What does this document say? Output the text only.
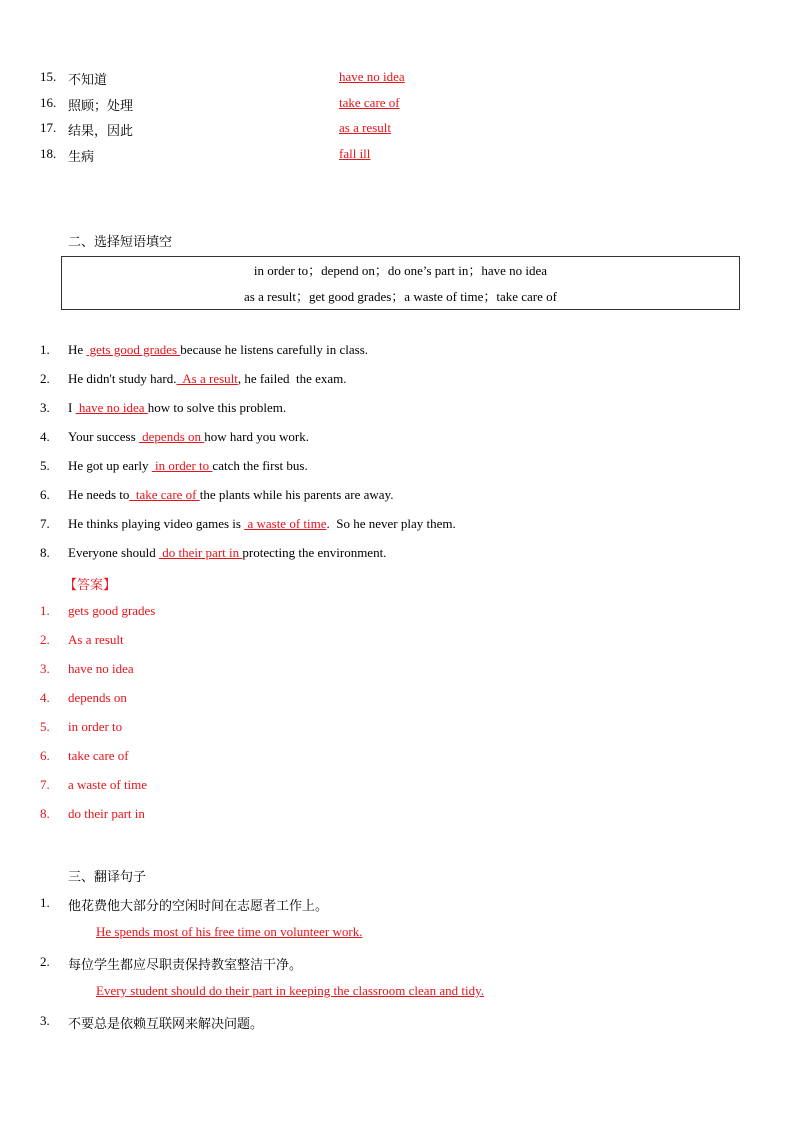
15. 不知道	have no idea
16. 照顾；处理	take care of
17. 结果，因此	as a result
18. 生病	fall ill
二、选择短语填空
in order to；depend on；do one’s part in；have no idea
as a result；get good grades；a waste of time；take care of
1. He  gets good grades because he listens carefully in class.
2. He didn't study hard.  As a result, he failed  the exam.
3. I  have no idea how to solve this problem.
4. Your success  depends on how hard you work.
5. He got up early  in order to catch the first bus.
6. He needs to  take care of the plants while his parents are away.
7. He thinks playing video games is  a waste of time.  So he never play them.
8. Everyone should  do their part in protecting the environment.
【答案】
1. gets good grades
2. As a result
3. have no idea
4. depends on
5. in order to
6. take care of
7. a waste of time
8. do their part in
三、翻译句子
1. 他花费他大部分的空闲时间在志愿者工作上。
He spends most of his free time on volunteer work.
2. 每位学生都应尽职责保持教室整洁干净。
Every student should do their part in keeping the classroom clean and tidy.
3. 不要总是依赖互联网来解决问题。
